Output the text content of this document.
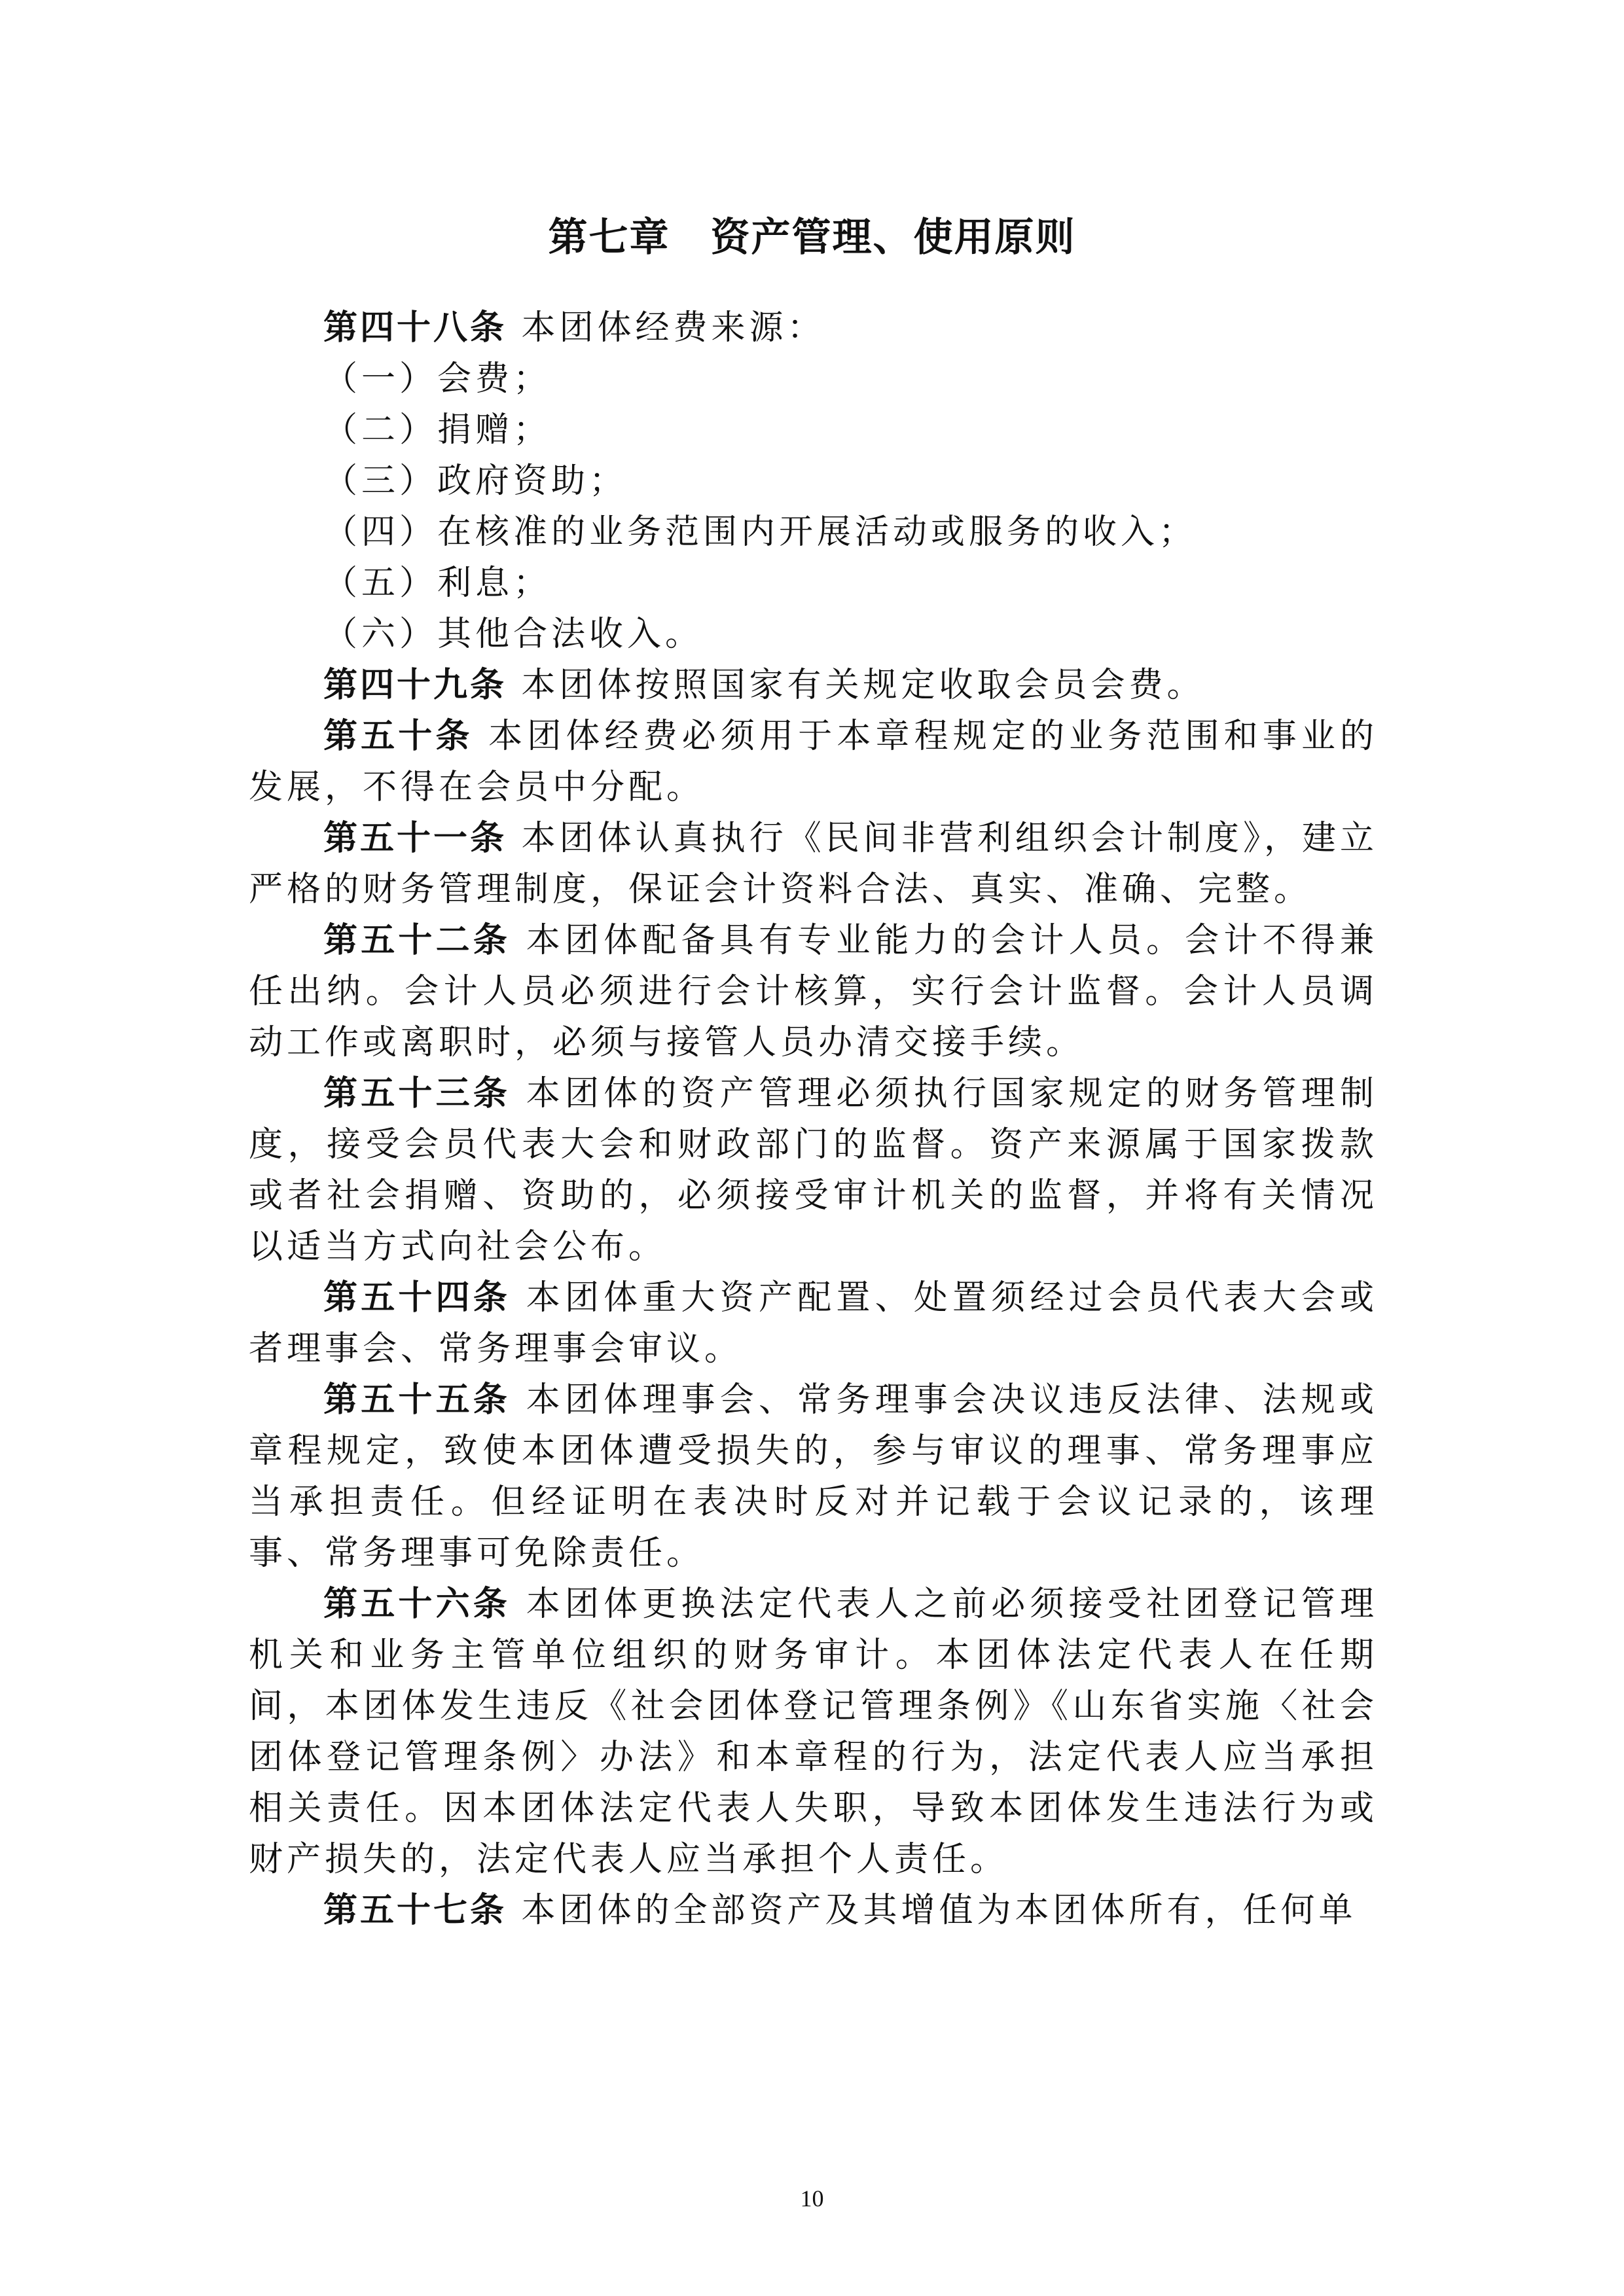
第七章　资产管理、使用原则

第四十八条 本团体经费来源：

（一）会费；

（二）捐赠；

（三）政府资助；

（四）在核准的业务范围内开展活动或服务的收入；

（五）利息；

（六）其他合法收入。

第四十九条 本团体按照国家有关规定收取会员会费。

第五十条 本团体经费必须用于本章程规定的业务范围和事业的发展，不得在会员中分配。

第五十一条 本团体认真执行《民间非营利组织会计制度》，建立严格的财务管理制度，保证会计资料合法、真实、准确、完整。

第五十二条 本团体配备具有专业能力的会计人员。会计不得兼任出纳。会计人员必须进行会计核算，实行会计监督。会计人员调动工作或离职时，必须与接管人员办清交接手续。

第五十三条 本团体的资产管理必须执行国家规定的财务管理制度，接受会员代表大会和财政部门的监督。资产来源属于国家拨款或者社会捐赠、资助的，必须接受审计机关的监督，并将有关情况以适当方式向社会公布。

第五十四条 本团体重大资产配置、处置须经过会员代表大会或者理事会、常务理事会审议。

第五十五条 本团体理事会、常务理事会决议违反法律、法规或章程规定，致使本团体遭受损失的，参与审议的理事、常务理事应当承担责任。但经证明在表决时反对并记载于会议记录的，该理事、常务理事可免除责任。

第五十六条 本团体更换法定代表人之前必须接受社团登记管理机关和业务主管单位组织的财务审计。本团体法定代表人在任期间，本团体发生违反《社会团体登记管理条例》《山东省实施〈社会团体登记管理条例〉办法》和本章程的行为，法定代表人应当承担相关责任。因本团体法定代表人失职，导致本团体发生违法行为或财产损失的，法定代表人应当承担个人责任。

第五十七条 本团体的全部资产及其增值为本团体所有，任何单

10
